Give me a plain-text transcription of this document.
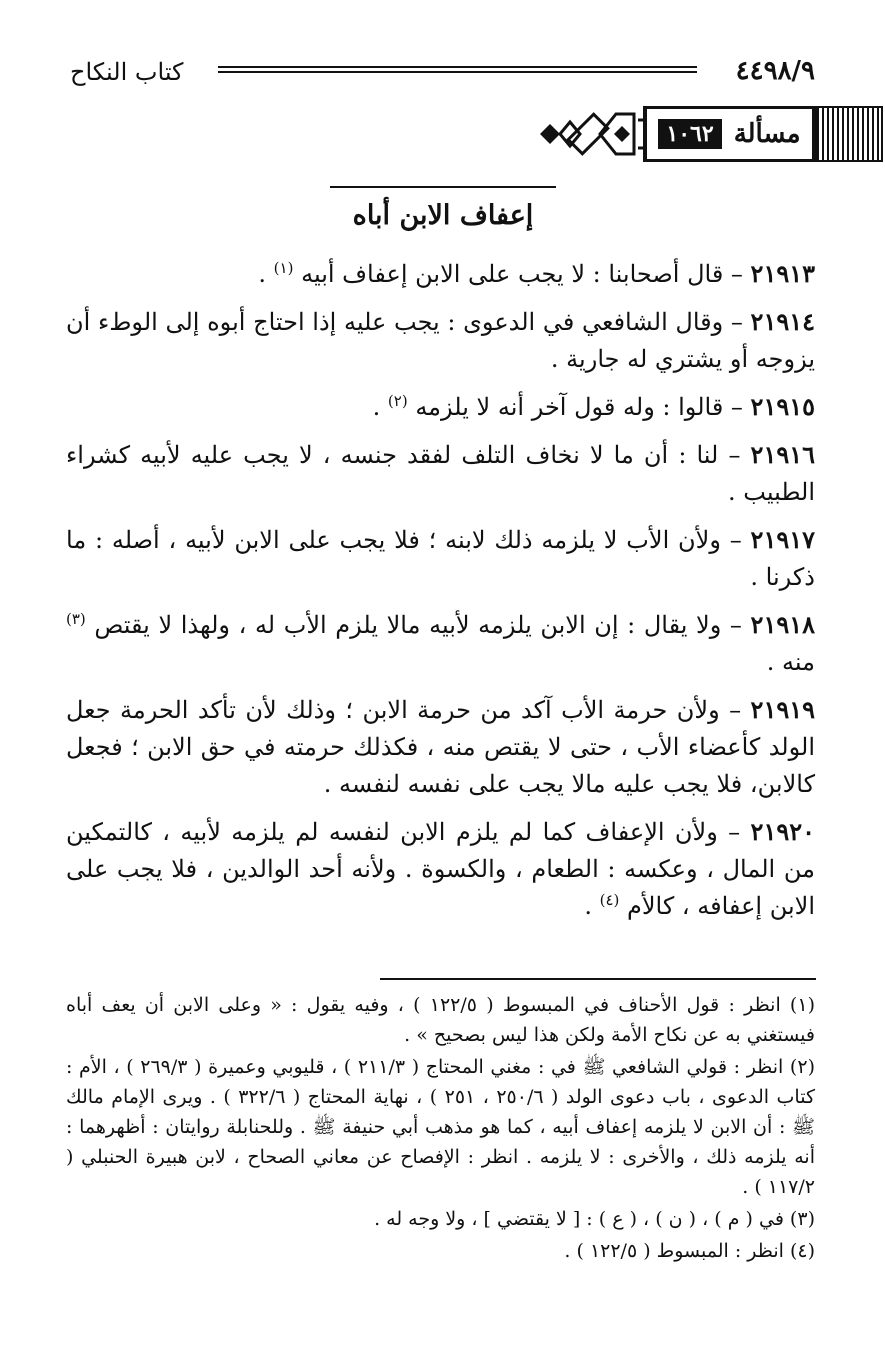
٤٤٩٨/٩
كتاب النكاح
مسألة
١٠٦٢
إعفاف الابن أباه

٢١٩١٣ – قال أصحابنا : لا يجب على الابن إعفاف أبيه $^{(١)}$ .

٢١٩١٤ – وقال الشافعي في الدعوى : يجب عليه إذا احتاج أبوه إلى الوطء أن يزوجه أو يشتري له جارية .

٢١٩١٥ – قالوا : وله قول آخر أنه لا يلزمه $^{(٢)}$ .

٢١٩١٦ – لنا : أن ما لا نخاف التلف لفقد جنسه ، لا يجب عليه لأبيه كشراء الطبيب .

٢١٩١٧ – ولأن الأب لا يلزمه ذلك لابنه ؛ فلا يجب على الابن لأبيه ، أصله : ما ذكرنا .

٢١٩١٨ – ولا يقال : إن الابن يلزمه لأبيه مالا يلزم الأب له ، ولهذا لا يقتص $^{(٣)}$ منه .

٢١٩١٩ – ولأن حرمة الأب آكد من حرمة الابن ؛ وذلك لأن تأكد الحرمة جعل الولد كأعضاء الأب ، حتى لا يقتص منه ، فكذلك حرمته في حق الابن ؛ فجعل كالابن، فلا يجب عليه مالا يجب على نفسه لنفسه .

٢١٩٢٠ – ولأن الإعفاف كما لم يلزم الابن لنفسه لم يلزمه لأبيه ، كالتمكين من المال ، وعكسه : الطعام ، والكسوة . ولأنه أحد الوالدين ، فلا يجب على الابن إعفافه ، كالأم $^{(٤)}$ .

(١) انظر : قول الأحناف في المبسوط ( ١٢٢/٥ ) ، وفيه يقول : « وعلى الابن أن يعف أباه فيستغني به عن نكاح الأمة ولكن هذا ليس بصحيح » .

(٢) انظر : قولي الشافعي ﷺ في : مغني المحتاج ( ٢١١/٣ ) ، قليوبي وعميرة ( ٢٦٩/٣ ) ، الأم : كتاب الدعوى ، باب دعوى الولد ( ٢٥٠/٦ ، ٢٥١ ) ، نهاية المحتاج ( ٣٢٢/٦ ) . ويرى الإمام مالك ﷺ : أن الابن لا يلزمه إعفاف أبيه ، كما هو مذهب أبي حنيفة ﷺ . وللحنابلة روايتان : أظهرهما : أنه يلزمه ذلك ، والأخرى : لا يلزمه . انظر : الإفصاح عن معاني الصحاح ، لابن هبيرة الحنبلي ( ١١٧/٢ ) .

(٣) في ( م ) ، ( ن ) ، ( ع ) : [ لا يقتضي ] ، ولا وجه له .

(٤) انظر : المبسوط ( ١٢٢/٥ ) .
